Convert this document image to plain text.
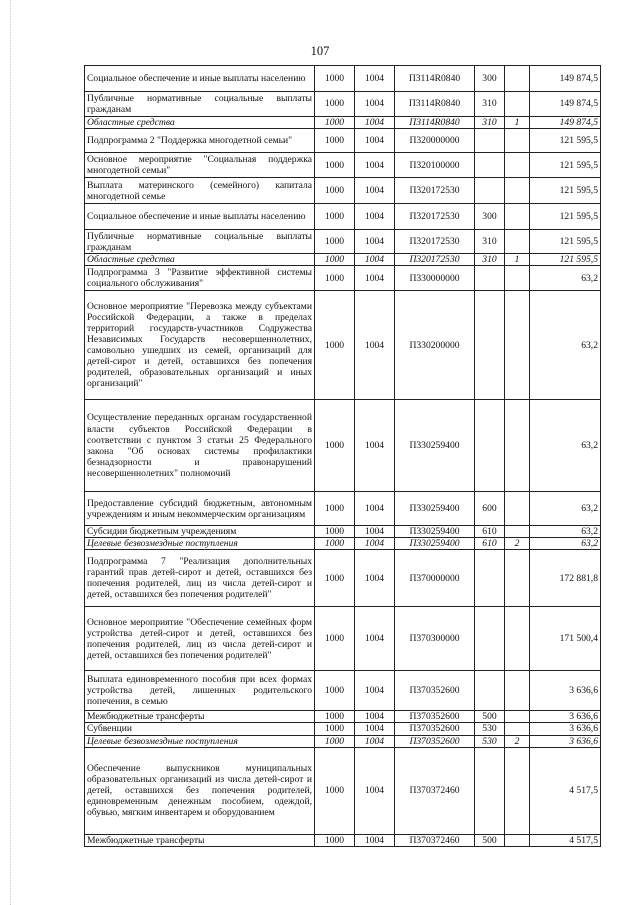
107
Социальное обеспечение и иные выплаты населению	1000	1004	П3114R0840	300		149 874,5
Публичные нормативные социальные выплаты гражданам	1000	1004	П3114R0840	310		149 874,5
Областные средства	1000	1004	П3114R0840	310	1	149 874,5
Подпрограмма 2 "Поддержка многодетной семьи"	1000	1004	П320000000			121 595,5
Основное мероприятие "Социальная поддержка многодетной семьи"	1000	1004	П320100000			121 595,5
Выплата материнского (семейного) капитала многодетной семье	1000	1004	П320172530			121 595,5
Социальное обеспечение и иные выплаты населению	1000	1004	П320172530	300		121 595,5
Публичные нормативные социальные выплаты гражданам	1000	1004	П320172530	310		121 595,5
Областные средства	1000	1004	П320172530	310	1	121 595,5
Подпрограмма 3 "Развитие эффективной системы социального обслуживания"	1000	1004	П330000000			63,2
Основное мероприятие "Перевозка между субъектами Российской Федерации, а также в пределах территорий государств-участников Содружества Независимых Государств несовершеннолетних, самовольно ушедших из семей, организаций для детей-сирот и детей, оставшихся без попечения родителей, образовательных организаций и иных организаций"	1000	1004	П330200000			63,2
Осуществление переданных органам государственной власти субъектов Российской Федерации в соответствии с пунктом 3 статьи 25 Федерального закона "Об основах системы профилактики безнадзорности и правонарушений несовершеннолетних" полномочий	1000	1004	П330259400			63,2
Предоставление субсидий бюджетным, автономным учреждениям и иным некоммерческим организациям	1000	1004	П330259400	600		63,2
Субсидии бюджетным учреждениям	1000	1004	П330259400	610		63,2
Целевые безвозмездные поступления	1000	1004	П330259400	610	2	63,2
Подпрограмма 7 "Реализация дополнительных гарантий прав детей-сирот и детей, оставшихся без попечения родителей, лиц из числа детей-сирот и детей, оставшихся без попечения родителей"	1000	1004	П370000000			172 881,8
Основное мероприятие "Обеспечение семейных форм устройства детей-сирот и детей, оставшихся без попечения родителей, лиц из числа детей-сирот и детей, оставшихся без попечения родителей"	1000	1004	П370300000			171 500,4
Выплата единовременного пособия при всех формах устройства детей, лишенных родительского попечения, в семью	1000	1004	П370352600			3 636,6
Межбюджетные трансферты	1000	1004	П370352600	500		3 636,6
Субвенции	1000	1004	П370352600	530		3 636,6
Целевые безвозмездные поступления	1000	1004	П370352600	530	2	3 636,6
Обеспечение выпускников муниципальных образовательных организаций из числа детей-сирот и детей, оставшихся без попечения родителей, единовременным денежным пособием, одеждой, обувью, мягким инвентарем и оборудованием	1000	1004	П370372460			4 517,5
Межбюджетные трансферты	1000	1004	П370372460	500		4 517,5
